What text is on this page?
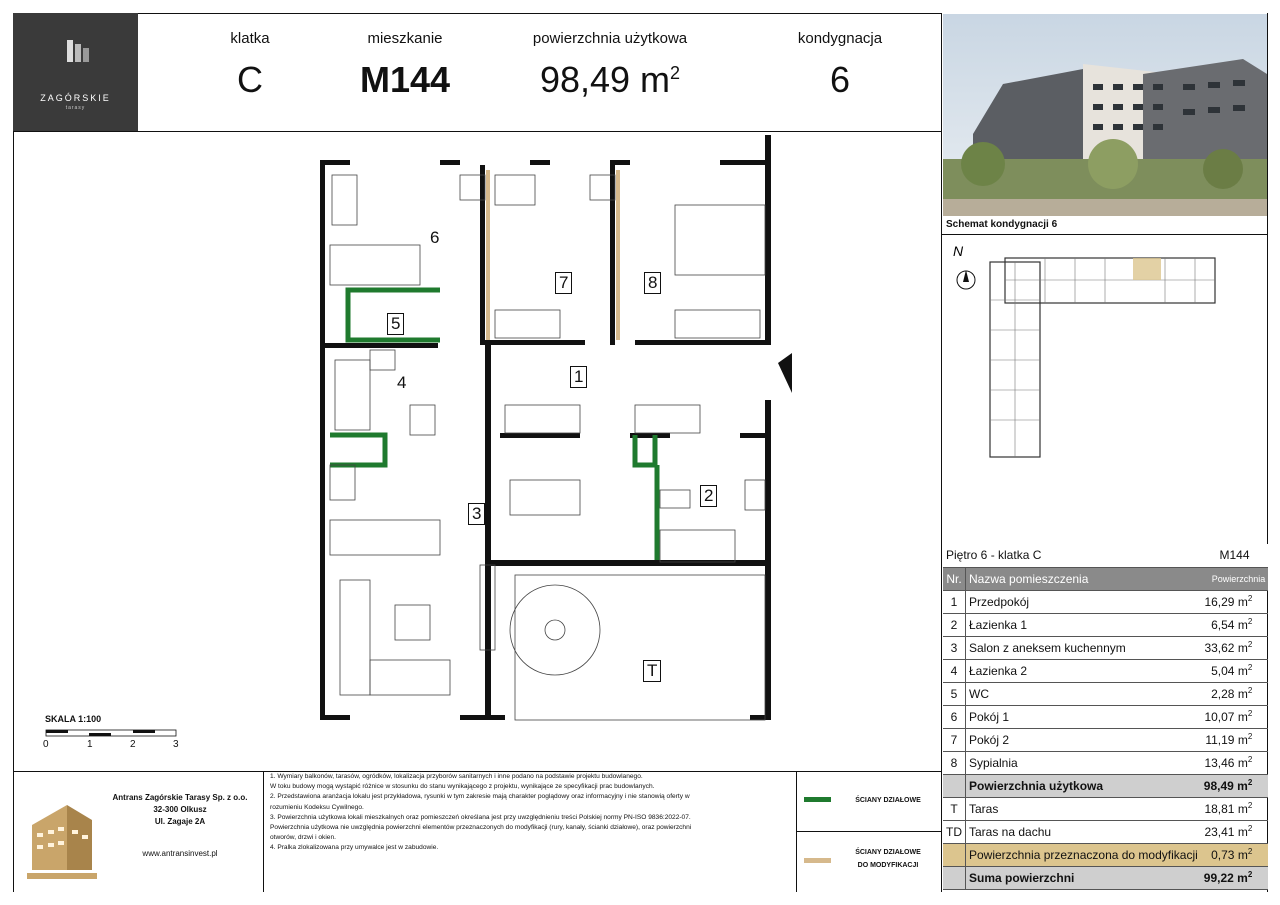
ZAGÓRSKIE
tarasy
klatka
C
mieszkanie
M144
powierzchnia użytkowa
98,49 $m^2$
kondygnacja
6
Schemat kondygnacji 6
N
6
7	8
5
4	1
3
2
T
SKALA 1:100
0	1	2	3
Piętro 6 - klatka C		M144
Nr.	Nazwa pomieszczenia	Powierzchnia
1	Przedpokój	16,29 $m^2$
2	Łazienka 1	6,54 $m^2$
3	Salon z aneksem kuchennym	33,62 $m^2$
4	Łazienka 2	5,04 $m^2$
5	WC	2,28 $m^2$
6	Pokój 1	10,07 $m^2$
7	Pokój 2	11,19 $m^2$
8	Sypialnia	13,46 $m^2$
	Powierzchnia użytkowa	98,49 $m^2$
T	Taras	18,81 $m^2$
TD	Taras na dachu	23,41 $m^2$
	Powierzchnia przeznaczona do modyfikacji	0,73 $m^2$
	Suma powierzchni	99,22 $m^2$
Antrans Zagórskie Tarasy Sp. z o.o.
32-300 Olkusz
Ul. Zagaje 2A
www.antransinvest.pl
1. Wymiary balkonów, tarasów, ogródków, lokalizacja przyborów sanitarnych i inne podano na podstawie projektu budowlanego.
W toku budowy mogą wystąpić różnice w stosunku do stanu wynikającego z projektu, wynikające ze specyfikacji prac budowlanych.
2. Przedstawiona aranżacja lokalu jest przykładowa, rysunki w tym zakresie mają charakter poglądowy oraz informacyjny i nie stanowią oferty w
rozumieniu Kodeksu Cywilnego.
3. Powierzchnia użytkowa lokali mieszkalnych oraz pomieszczeń określana jest przy uwzględnieniu treści Polskiej normy PN-ISO 9836:2022-07.
Powierzchnia użytkowa nie uwzględnia powierzchni elementów przeznaczonych do modyfikacji (rury, kanały, ścianki działowe), oraz powierzchni
otworów, drzwi i okien.
4. Pralka zlokalizowana przy umywalce jest w zabudowie.
ŚCIANY DZIAŁOWE
ŚCIANY DZIAŁOWE
DO MODYFIKACJI
